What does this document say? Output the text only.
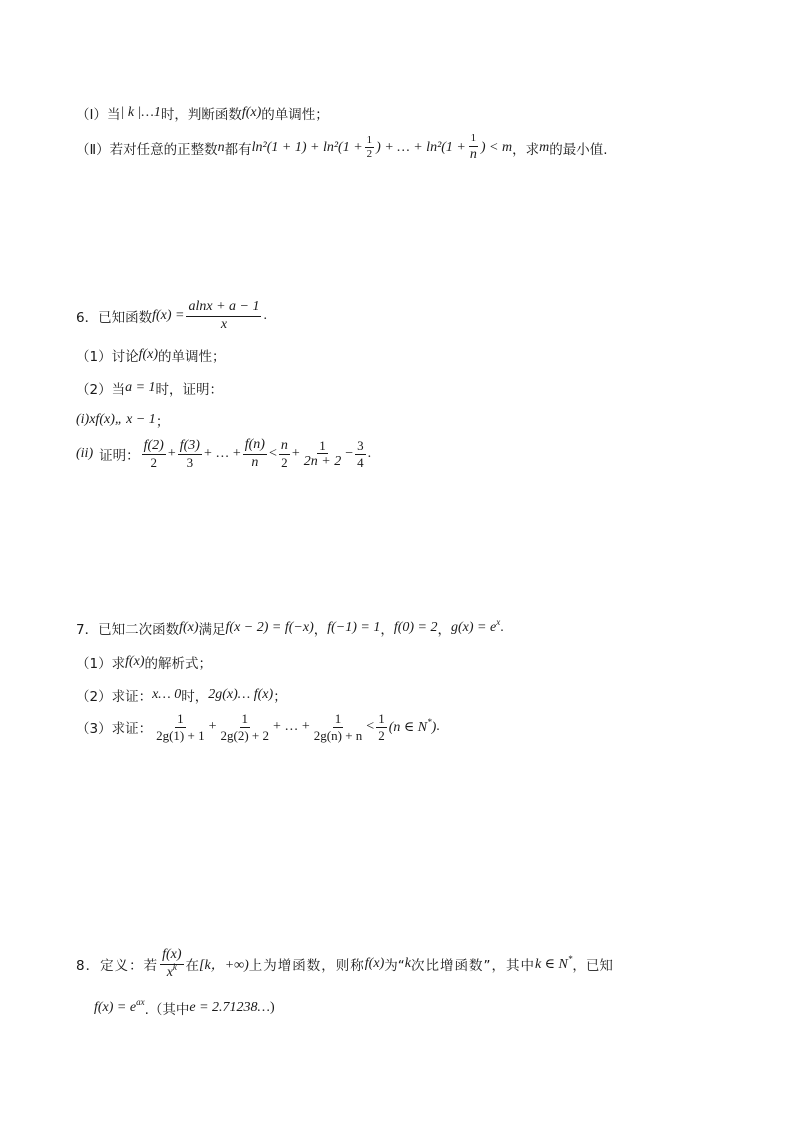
（Ⅰ）当 | k |…1 时，判断函数 f(x) 的单调性；
（Ⅱ）若对任意的正整数 n 都有 $\ln^2(1 + 1) + \ln^2(1 + \frac{1}{2}$ ) + … + $\ln^2(1 + \frac{1}{n}$ ) < m ，求 m 的最小值.
6．已知函数 $f(x) = \frac{alnx + a - 1}{x}$ .
（1）讨论 f(x) 的单调性；
（2）当 a = 1 时，证明：
(i) xf(x)„ x − 1 ；
(ii) 证明： $\frac{f(2)}{2} + \frac{f(3)}{3}$ + … + $\frac{f(n)}{n} < \frac{n}{2} + \frac{1}{2n + 2} - \frac{3}{4}$ .
7．已知二次函数 f(x) 满足 f(x − 2) = f(−x) ， f(−1) = 1 ， f(0) = 2 ， $g(x) = e^x$ .
（1）求 f(x) 的解析式；
（2）求证： x… 0 时， 2g(x)… f(x) ；
（3）求证： $\frac{1}{2g(1) + 1} + \frac{1}{2g(2) + 2}$ + … + $\frac{1}{2g(n) + n} < \frac{1}{2} (n$ ∈ N*) .
8．定义：若 $\frac{f(x)}{x^k}$ 在 [k，+∞) 上为增函数，则称 f(x) 为“ k 次比增函数”，其中 k ∈ N* ，已知
$f(x) = e^{ax}$ .（其中 e = 2.71238… )
